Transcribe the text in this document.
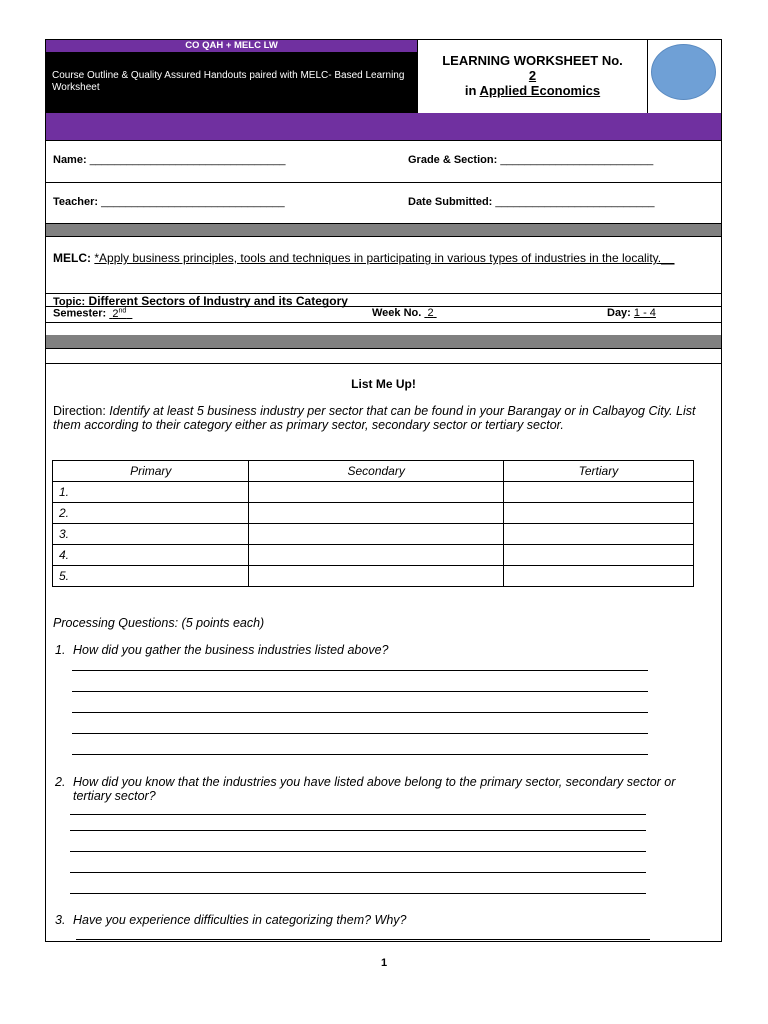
CO QAH + MELC LW
Course Outline & Quality Assured Handouts paired with MELC- Based Learning Worksheet
LEARNING WORKSHEET No.
2
in Applied Economics
Name: ________________________________	Grade & Section: _________________________
Teacher: ______________________________	Date Submitted: __________________________
MELC: *Apply business principles, tools and techniques in participating in various types of industries in the locality.__
Topic: Different Sectors of Industry and its Category
Semester: 2nd	Week No. 2	Day: 1 - 4
List Me Up!
Direction: Identify at least 5 business industry per sector that can be found in your Barangay or in Calbayog City. List them according to their category either as primary sector, secondary sector or tertiary sector.
Primary	Secondary	Tertiary
1.		
2.		
3.		
4.		
5.		
Processing Questions: (5 points each)
1. How did you gather the business industries listed above?
2. How did you know that the industries you have listed above belong to the primary sector, secondary sector or tertiary sector?
3. Have you experience difficulties in categorizing them? Why?
1
